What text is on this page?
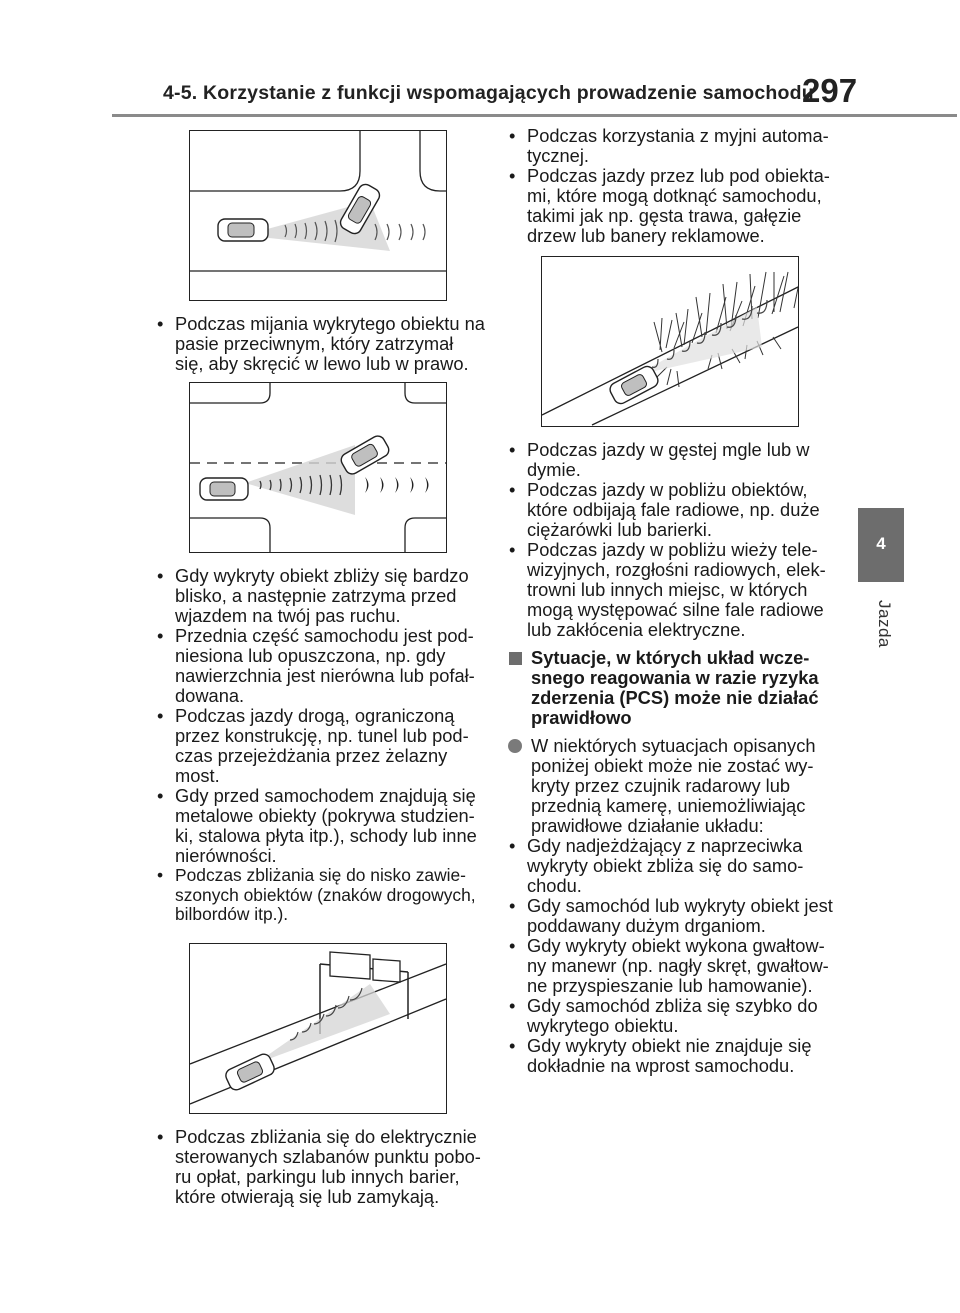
4-5. Korzystanie z funkcji wspomagających prowadzenie samochodu
297
4
Jazda
• Podczas mijania wykrytego obiektu na pasie przeciwnym, który zatrzymał się, aby skręcić w lewo lub w prawo.
• Gdy wykryty obiekt zbliży się bardzo blisko, a następnie zatrzyma przed wjazdem na twój pas ruchu.
• Przednia część samochodu jest pod-niesiona lub opuszczona, np. gdy nawierzchnia jest nierówna lub pofał-dowana.
• Podczas jazdy drogą, ograniczoną przez konstrukcję, np. tunel lub pod-czas przejeżdżania przez żelazny most.
• Gdy przed samochodem znajdują się metalowe obiekty (pokrywa studzien-ki, stalowa płyta itp.), schody lub inne nierówności.
• Podczas zbliżania się do nisko zawie-szonych obiektów (znaków drogowych, bilbordów itp.).
• Podczas zbliżania się do elektrycznie sterowanych szlabanów punktu pobo-ru opłat, parkingu lub innych barier, które otwierają się lub zamykają.
• Podczas korzystania z myjni automa-tycznej.
• Podczas jazdy przez lub pod obiekta-mi, które mogą dotknąć samochodu, takimi jak np. gęsta trawa, gałęzie drzew lub banery reklamowe.
• Podczas jazdy w gęstej mgle lub w dymie.
• Podczas jazdy w pobliżu obiektów, które odbijają fale radiowe, np. duże ciężarówki lub barierki.
• Podczas jazdy w pobliżu wieży tele-wizyjnych, rozgłośni radiowych, elek-trowni lub innych miejsc, w których mogą występować silne fale radiowe lub zakłócenia elektryczne.
Sytuacje, w których układ wcze-snego reagowania w razie ryzyka zderzenia (PCS) może nie działać prawidłowo
W niektórych sytuacjach opisanych poniżej obiekt może nie zostać wy-kryty przez czujnik radarowy lub przednią kamerę, uniemożliwiając prawidłowe działanie układu:
• Gdy nadjeżdżający z naprzeciwka wykryty obiekt zbliża się do samo-chodu.
• Gdy samochód lub wykryty obiekt jest poddawany dużym drganiom.
• Gdy wykryty obiekt wykona gwałtow-ny manewr (np. nagły skręt, gwałtow-ne przyspieszanie lub hamowanie).
• Gdy samochód zbliża się szybko do wykrytego obiektu.
• Gdy wykryty obiekt nie znajduje się dokładnie na wprost samochodu.
